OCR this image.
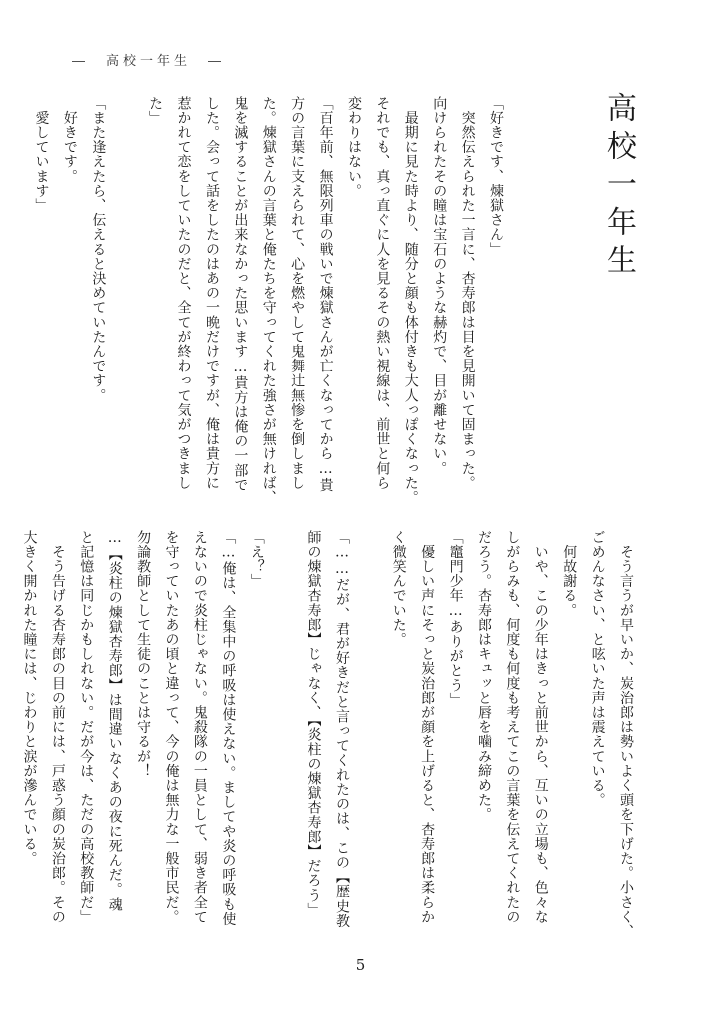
―　高校一年生　―
高校一年生
「好きです、煉獄さん」
　突然伝えられた一言に、杏寿郎は目を見開いて固まった。
向けられたその瞳は宝石のような赫灼で、目が離せない。
　最期に見た時より、随分と顔も体付きも大人っぽくなった。
それでも、真っ直ぐに人を見るその熱い視線は、前世と何ら
変わりはない。
「百年前、無限列車の戦いで煉獄さんが亡くなってから…貴
方の言葉に支えられて、心を燃やして鬼舞辻無惨を倒しまし
た。煉獄さんの言葉と俺たちを守ってくれた強さが無ければ、
鬼を滅することが出来なかった思います…貴方は俺の一部で
した。会って話をしたのはあの一晩だけですが、俺は貴方に
惹かれて恋をしていたのだと、全てが終わって気がつきまし
た」

「また逢えたら、伝えると決めていたんです。
　好きです。
　愛しています」
　そう言うが早いか、炭治郎は勢いよく頭を下げた。小さく、
ごめんなさい、と呟いた声は震えている。
　何故謝る。
　いや、この少年はきっと前世から、互いの立場も、色々な
しがらみも、何度も何度も考えてこの言葉を伝えてくれたの
だろう。杏寿郎はキュッと唇を噛み締めた。
「竈門少年…ありがとう」
　優しい声にそっと炭治郎が顔を上げると、杏寿郎は柔らか
く微笑んでいた。

「……だが、君が好きだと言ってくれたのは、この【歴史教
師の煉獄杏寿郎】じゃなく、【炎柱の煉獄杏寿郎】だろう」

「え？」
「…俺は、全集中の呼吸は使えない。ましてや炎の呼吸も使
えないので炎柱じゃない。鬼殺隊の一員として、弱き者全て
を守っていたあの頃と違って、今の俺は無力な一般市民だ。
勿論教師として生徒のことは守るが！
…【炎柱の煉獄杏寿郎】は間違いなくあの夜に死んだ。魂
と記憶は同じかもしれない。だが今は、ただの高校教師だ」
　そう告げる杏寿郎の目の前には、戸惑う顔の炭治郎。その
大きく開かれた瞳には、じわりと涙が滲んでいる。
5
